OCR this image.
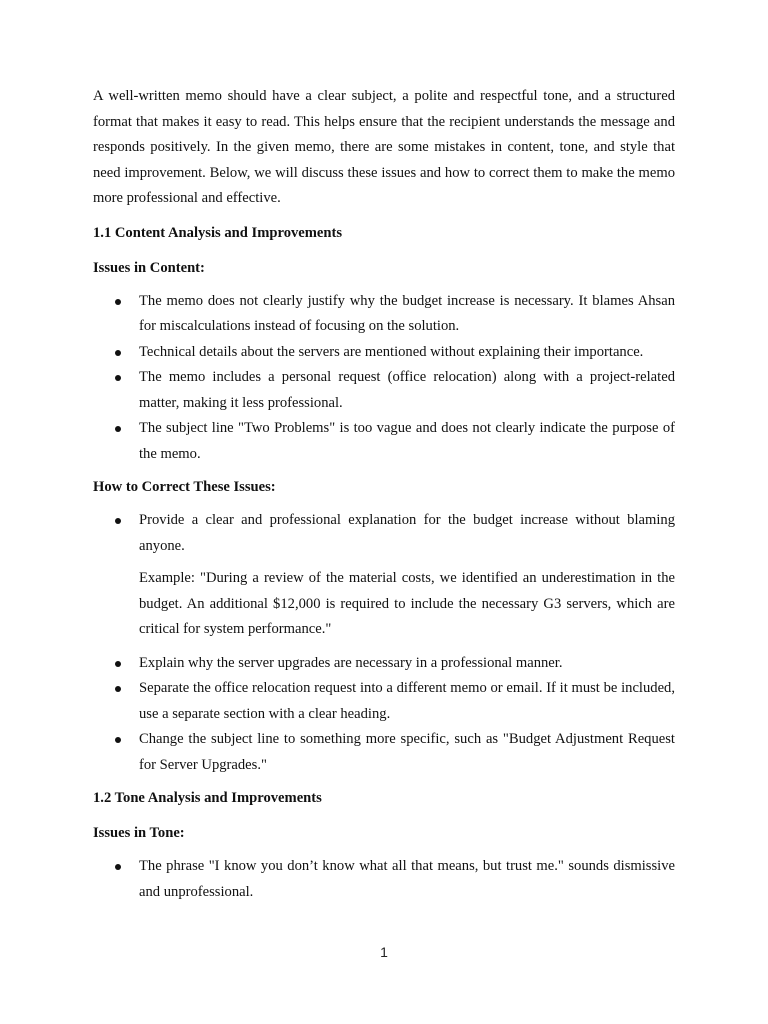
A well-written memo should have a clear subject, a polite and respectful tone, and a structured format that makes it easy to read. This helps ensure that the recipient understands the message and responds positively. In the given memo, there are some mistakes in content, tone, and style that need improvement. Below, we will discuss these issues and how to correct them to make the memo more professional and effective.

1.1 Content Analysis and Improvements

Issues in Content:

The memo does not clearly justify why the budget increase is necessary. It blames Ahsan for miscalculations instead of focusing on the solution.
Technical details about the servers are mentioned without explaining their importance.
The memo includes a personal request (office relocation) along with a project-related matter, making it less professional.
The subject line "Two Problems" is too vague and does not clearly indicate the purpose of the memo.

How to Correct These Issues:

Provide a clear and professional explanation for the budget increase without blaming anyone.

Example: "During a review of the material costs, we identified an underestimation in the budget. An additional $12,000 is required to include the necessary G3 servers, which are critical for system performance."

Explain why the server upgrades are necessary in a professional manner.
Separate the office relocation request into a different memo or email. If it must be included, use a separate section with a clear heading.
Change the subject line to something more specific, such as "Budget Adjustment Request for Server Upgrades."

1.2 Tone Analysis and Improvements

Issues in Tone:

The phrase "I know you don’t know what all that means, but trust me." sounds dismissive and unprofessional.
1
